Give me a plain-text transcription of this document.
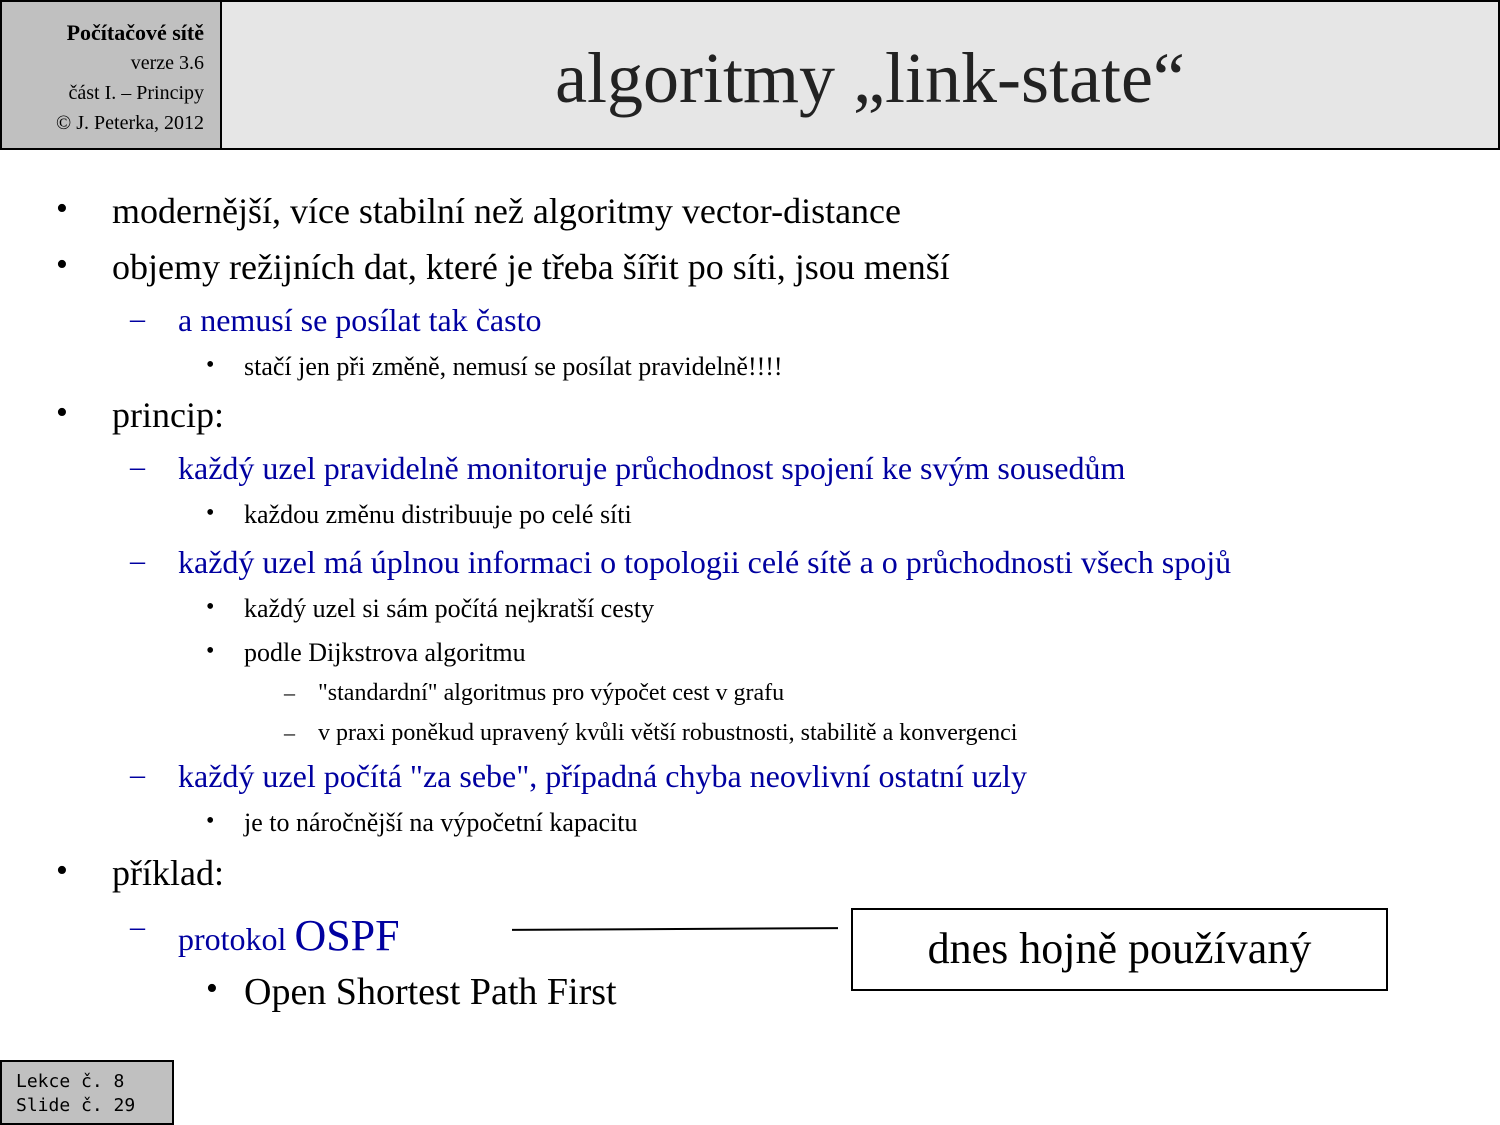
Počítačové sítě
verze 3.6
část I. – Principy
© J. Peterka, 2012
algoritmy „link-state“
• modernější, více stabilní než algoritmy vector-distance
• objemy režijních dat, které je třeba šířit po síti, jsou menší
– a nemusí se posílat tak často
• stačí jen při změně, nemusí se posílat pravidelně!!!!
• princip:
– každý uzel pravidelně monitoruje průchodnost spojení ke svým sousedům
• každou změnu distribuuje po celé síti
– každý uzel má úplnou informaci o topologii celé sítě a o průchodnosti všech spojů
• každý uzel si sám počítá nejkratší cesty
• podle Dijkstrova algoritmu
– "standardní" algoritmus pro výpočet cest v grafu
– v praxi poněkud upravený kvůli větší robustnosti, stabilitě a konvergenci
– každý uzel počítá "za sebe", případná chyba neovlivní ostatní uzly
• je to náročnější na výpočetní kapacitu
• příklad:
– protokol OSPF
• Open Shortest Path First
dnes hojně používaný
Lekce č. 8
Slide č. 29
